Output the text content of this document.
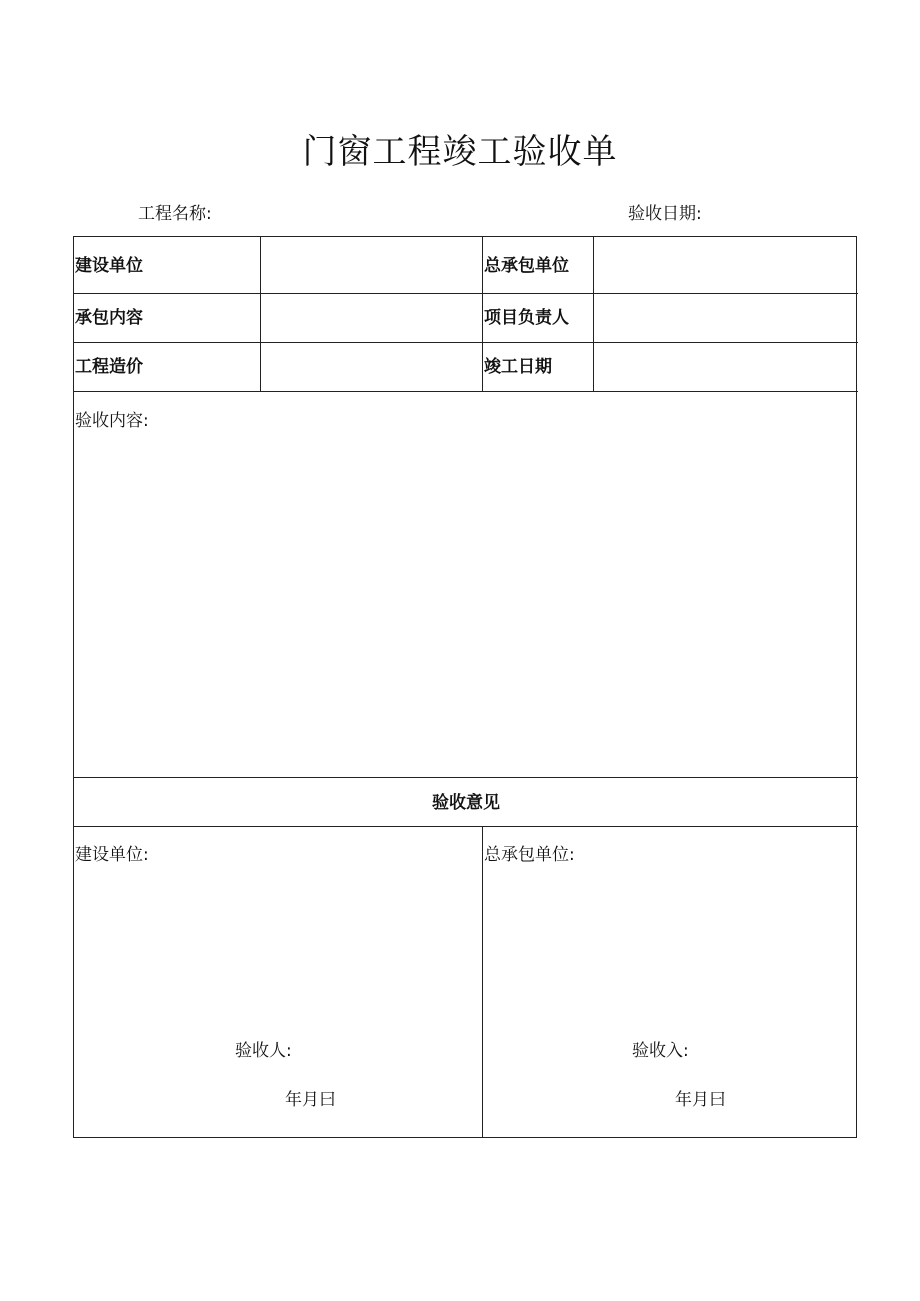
门窗工程竣工验收单
工程名称:	验收日期:
建设单位	总承包单位
承包内容	项目负责人
工程造价	竣工日期
验收内容:
验收意见
建设单位:
验收人:
年月曰
总承包单位:
验收入:
年月曰
